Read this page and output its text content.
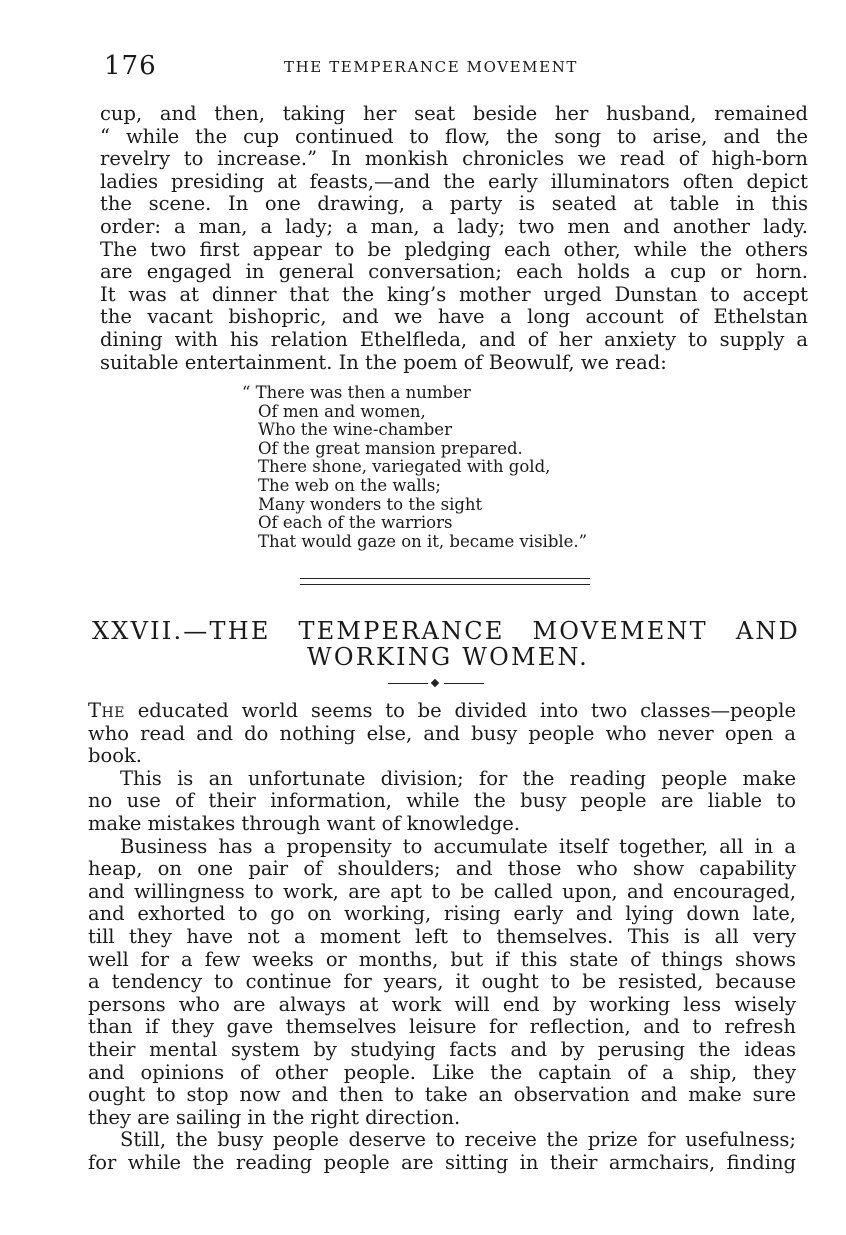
176	THE TEMPERANCE MOVEMENT
cup, and then, taking her seat beside her husband, remained
“ while the cup continued to flow, the song to arise, and the
revelry to increase.” In monkish chronicles we read of high-born
ladies presiding at feasts,—and the early illuminators often depict
the scene. In one drawing, a party is seated at table in this
order: a man, a lady; a man, a lady; two men and another lady.
The two first appear to be pledging each other, while the others
are engaged in general conversation; each holds a cup or horn.
It was at dinner that the king’s mother urged Dunstan to accept
the vacant bishopric, and we have a long account of Ethelstan
dining with his relation Ethelfleda, and of her anxiety to supply a
suitable entertainment. In the poem of Beowulf, we read:
“ There was then a number
Of men and women,
Who the wine-chamber
Of the great mansion prepared.
There shone, variegated with gold,
The web on the walls;
Many wonders to the sight
Of each of the warriors
That would gaze on it, became visible.”
XXVII.—THE TEMPERANCE MOVEMENT AND
WORKING WOMEN.
The educated world seems to be divided into two classes—people
who read and do nothing else, and busy people who never open a
book.
This is an unfortunate division; for the reading people make
no use of their information, while the busy people are liable to
make mistakes through want of knowledge.
Business has a propensity to accumulate itself together, all in a
heap, on one pair of shoulders; and those who show capability
and willingness to work, are apt to be called upon, and encouraged,
and exhorted to go on working, rising early and lying down late,
till they have not a moment left to themselves. This is all very
well for a few weeks or months, but if this state of things shows
a tendency to continue for years, it ought to be resisted, because
persons who are always at work will end by working less wisely
than if they gave themselves leisure for reflection, and to refresh
their mental system by studying facts and by perusing the ideas
and opinions of other people. Like the captain of a ship, they
ought to stop now and then to take an observation and make sure
they are sailing in the right direction.
Still, the busy people deserve to receive the prize for usefulness;
for while the reading people are sitting in their armchairs, finding
